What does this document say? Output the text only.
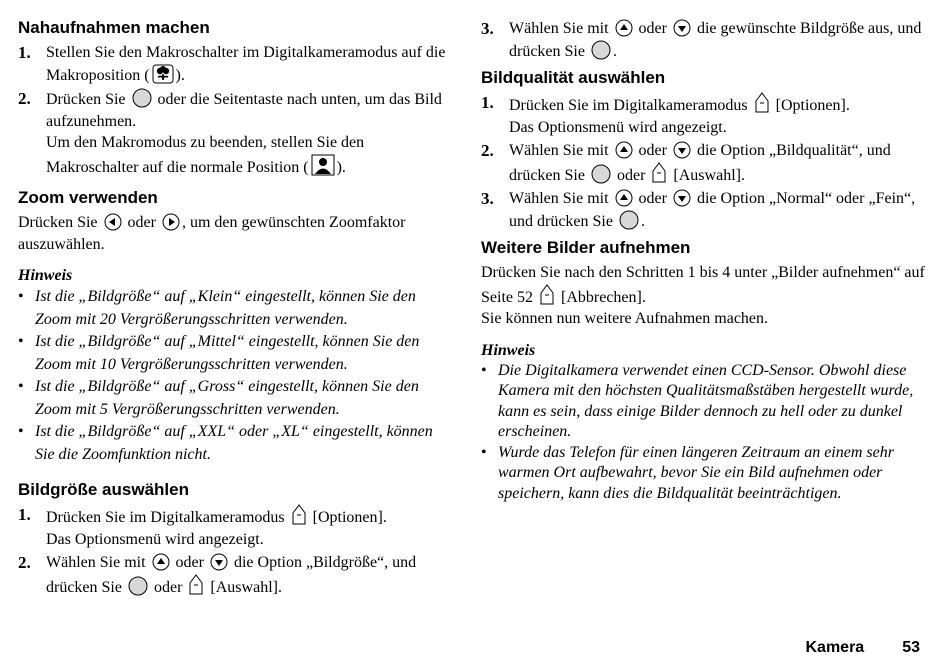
Nahaufnahmen machen
1. Stellen Sie den Makroschalter im Digitalkameramodus auf die Makroposition ( ).
2. Drücken Sie  oder die Seitentaste nach unten, um das Bild aufzunehmen.
Um den Makromodus zu beenden, stellen Sie den Makroschalter auf die normale Position ( ).
Zoom verwenden

Drücken Sie  oder , um den gewünschten Zoomfaktor auszuwählen.

Hinweis
• Ist die „Bildgröße“ auf „Klein“ eingestellt, können Sie den Zoom mit 20 Vergrößerungsschritten verwenden.
• Ist die „Bildgröße“ auf „Mittel“ eingestellt, können Sie den Zoom mit 10 Vergrößerungsschritten verwenden.
• Ist die „Bildgröße“ auf „Gross“ eingestellt, können Sie den Zoom mit 5 Vergrößerungsschritten verwenden.
• Ist die „Bildgröße“ auf „XXL“ oder „XL“ eingestellt, können Sie die Zoomfunktion nicht.
Bildgröße auswählen
1. Drücken Sie im Digitalkameramodus  [Optionen].
Das Optionsmenü wird angezeigt.
2. Wählen Sie mit  oder  die Option „Bildgröße“, und drücken Sie  oder  [Auswahl].
3. Wählen Sie mit  oder  die gewünschte Bildgröße aus, und drücken Sie .
Bildqualität auswählen
1. Drücken Sie im Digitalkameramodus  [Optionen].
Das Optionsmenü wird angezeigt.
2. Wählen Sie mit  oder  die Option „Bildqualität“, und drücken Sie  oder  [Auswahl].
3. Wählen Sie mit  oder  die Option „Normal“ oder „Fein“, und drücken Sie .
Weitere Bilder aufnehmen

Drücken Sie nach den Schritten 1 bis 4 unter „Bilder aufnehmen“ auf Seite 52  [Abbrechen].

Sie können nun weitere Aufnahmen machen.

Hinweis
• Die Digitalkamera verwendet einen CCD-Sensor. Obwohl diese Kamera mit den höchsten Qualitätsmaßstäben hergestellt wurde, kann es sein, dass einige Bilder dennoch zu hell oder zu dunkel erscheinen.
• Wurde das Telefon für einen längeren Zeitraum an einem sehr warmen Ort aufbewahrt, bevor Sie ein Bild aufnehmen oder speichern, kann dies die Bildqualität beeinträchtigen.
Kamera 53
